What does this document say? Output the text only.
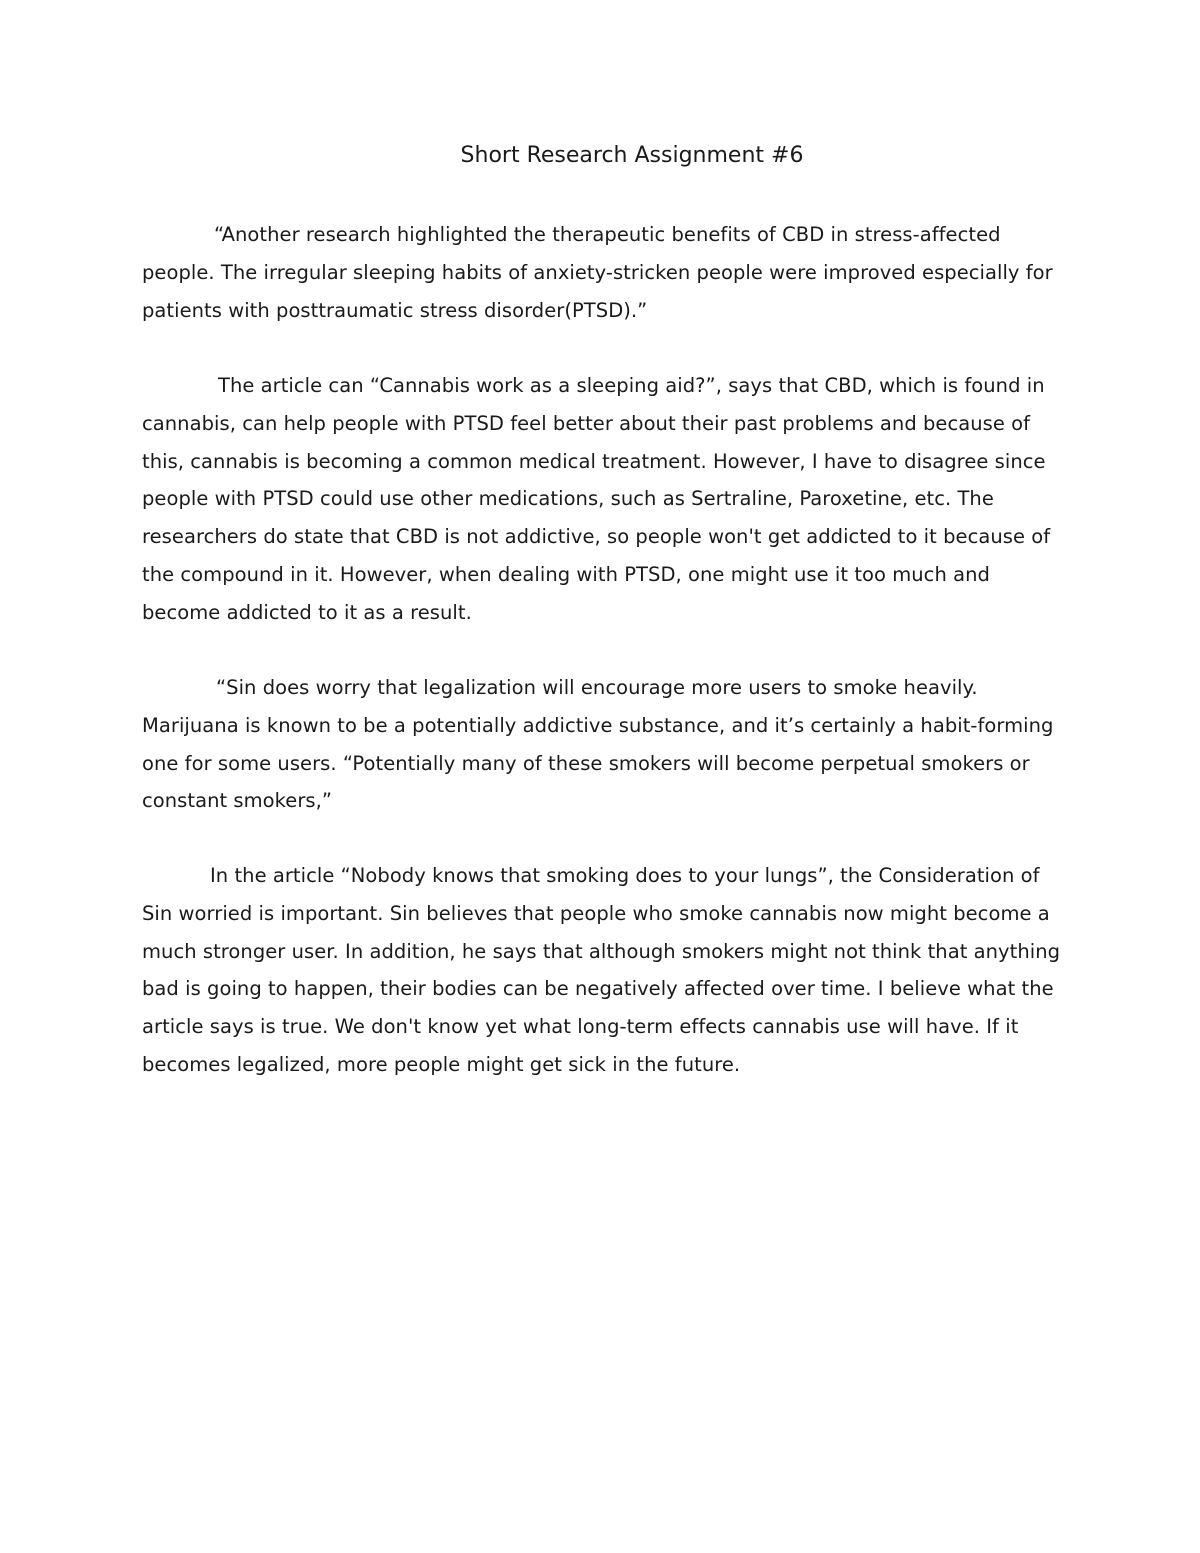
Short Research Assignment #6

“Another research highlighted the therapeutic benefits of CBD in stress-affected people. The irregular sleeping habits of anxiety-stricken people were improved especially for patients with posttraumatic stress disorder(PTSD).”

The article can “Cannabis work as a sleeping aid?”, says that CBD, which is found in cannabis, can help people with PTSD feel better about their past problems and because of this, cannabis is becoming a common medical treatment. However, I have to disagree since people with PTSD could use other medications, such as Sertraline, Paroxetine, etc. The researchers do state that CBD is not addictive, so people won't get addicted to it because of the compound in it. However, when dealing with PTSD, one might use it too much and become addicted to it as a result.

“Sin does worry that legalization will encourage more users to smoke heavily. Marijuana is known to be a potentially addictive substance, and it’s certainly a habit-forming one for some users. “Potentially many of these smokers will become perpetual smokers or constant smokers,”

In the article “Nobody knows that smoking does to your lungs”, the Consideration of Sin worried is important. Sin believes that people who smoke cannabis now might become a much stronger user. In addition, he says that although smokers might not think that anything bad is going to happen, their bodies can be negatively affected over time. I believe what the article says is true. We don't know yet what long-term effects cannabis use will have. If it becomes legalized, more people might get sick in the future.
